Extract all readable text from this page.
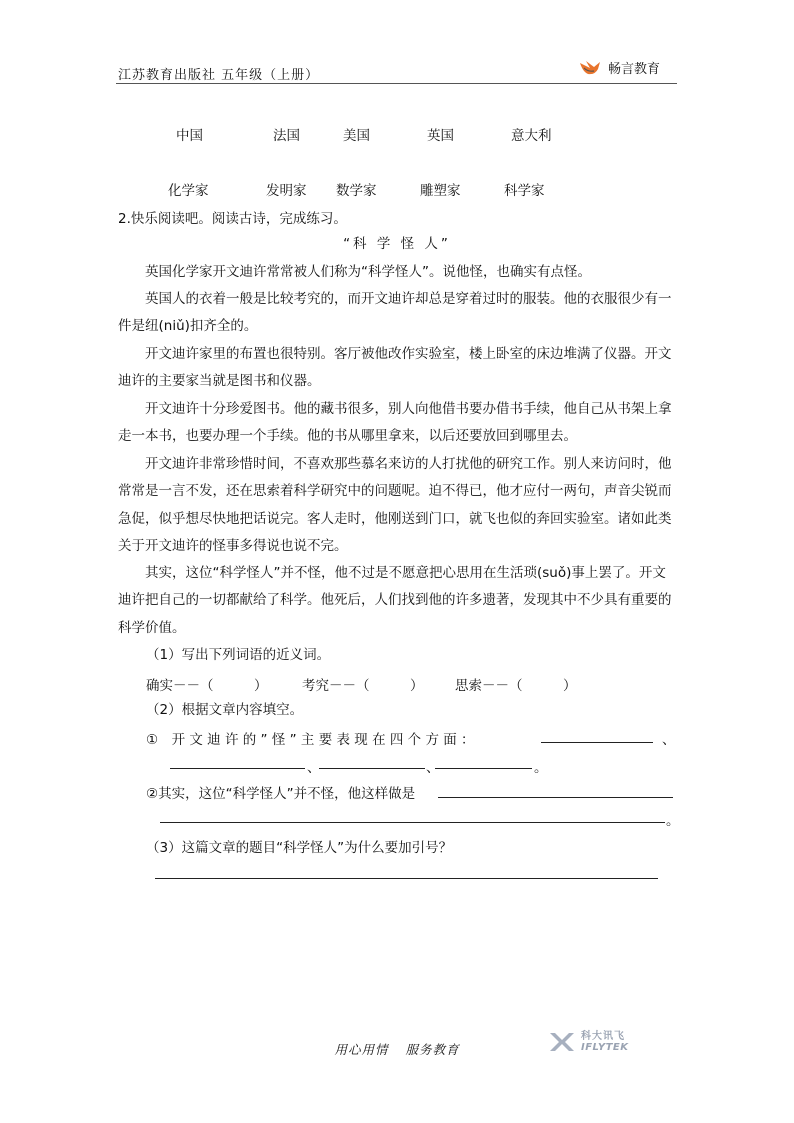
江苏教育出版社 五年级（上册）	畅言教育
中国	法国	美国	英国	意大利
化学家	发明家 数学家	雕塑家	科学家
2.快乐阅读吧。阅读古诗，完成练习。
“科 学 怪 人”
英国化学家开文迪许常常被人们称为“科学怪人”。说他怪，也确实有点怪。
英国人的衣着一般是比较考究的，而开文迪许却总是穿着过时的服装。他的衣服很少有一件是纽(niǔ)扣齐全的。
开文迪许家里的布置也很特别。客厅被他改作实验室，楼上卧室的床边堆满了仪器。开文迪许的主要家当就是图书和仪器。
开文迪许十分珍爱图书。他的藏书很多，别人向他借书要办借书手续，他自己从书架上拿走一本书，也要办理一个手续。他的书从哪里拿来，以后还要放回到哪里去。
开文迪许非常珍惜时间，不喜欢那些慕名来访的人打扰他的研究工作。别人来访问时，他常常是一言不发，还在思索着科学研究中的问题呢。迫不得已，他才应付一两句，声音尖锐而急促，似乎想尽快地把话说完。客人走时，他刚送到门口，就飞也似的奔回实验室。诸如此类关于开文迪许的怪事多得说也说不完。
其实，这位“科学怪人”并不怪，他不过是不愿意把心思用在生活琐(suǒ)事上罢了。开文迪许把自己的一切都献给了科学。他死后，人们找到他的许多遗著，发现其中不少具有重要的科学价值。
（1）写出下列词语的近义词。
确实－－（　　　）	考究－－（　　　） 思索－－（　　　）
（2）根据文章内容填空。
①　开 文 迪 许 的 ” 怪 ” 主 要 表 现 在 四 个 方 面 ：	、
、	、	。
②其实，这位“科学怪人”并不怪，他这样做是
。
（3）这篇文章的题目“科学怪人”为什么要加引号？
用心用情 服务教育
科大讯飞
IFLYTEK
